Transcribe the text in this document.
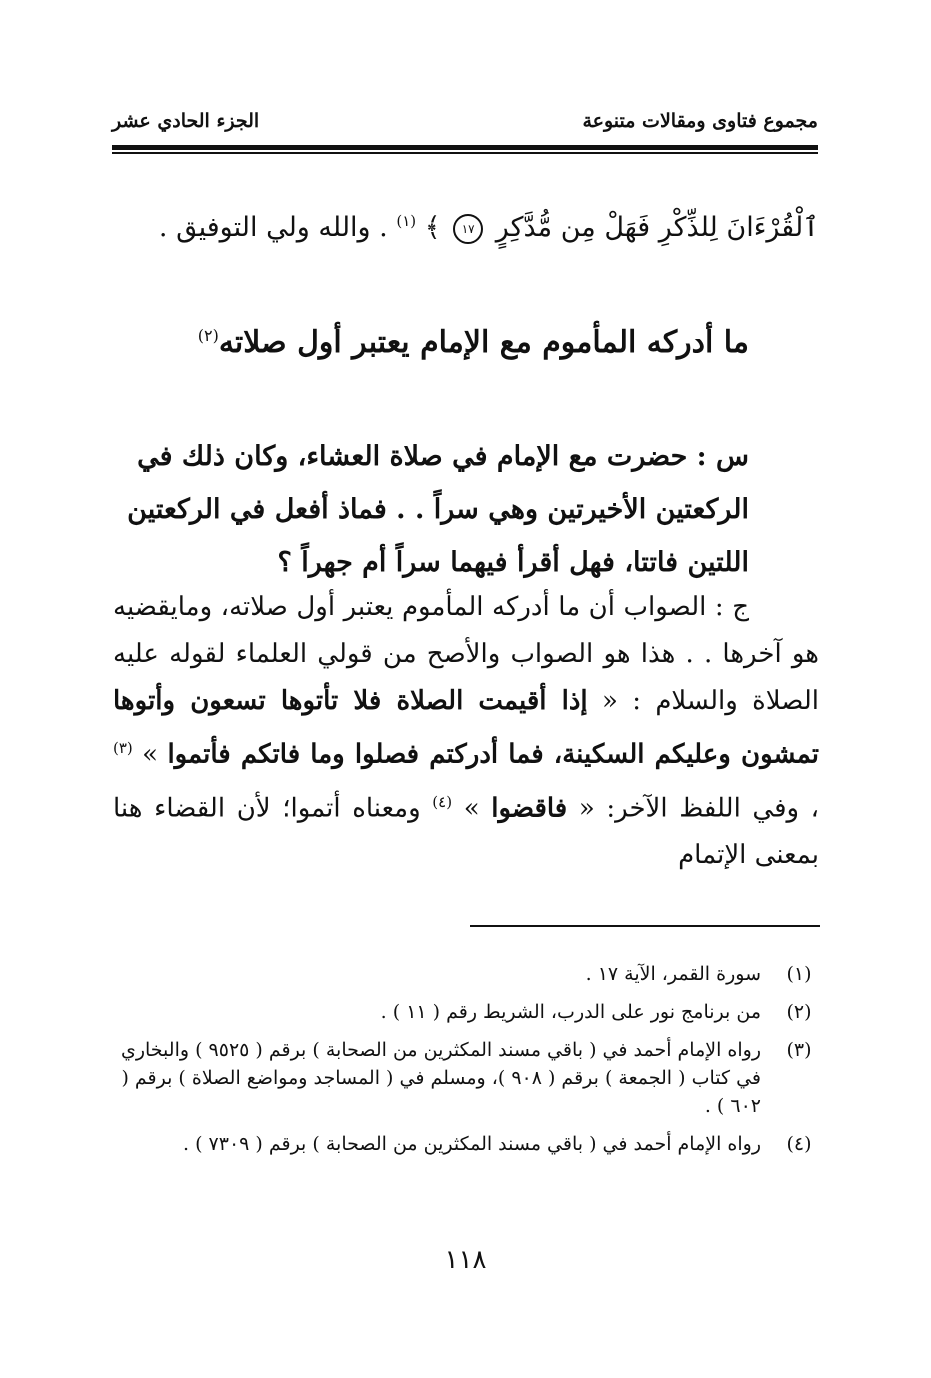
مجموع فتاوى ومقالات متنوعة
الجزء الحادي عشر
ٱلْقُرْءَانَ لِلذِّكْرِ فَهَلْ مِن مُّدَّكِرٍ ١٧ ﴾ $^{(١)}$ . والله ولي التوفيق .
ما أدركه المأموم مع الإمام يعتبر أول صلاته$^{(٢)}$
س : حضرت مع الإمام في صلاة العشاء، وكان ذلك في
الركعتين الأخيرتين وهي سراً . . فماذ أفعل في الركعتين
اللتين فاتتا، فهل أقرأ فيهما سراً أم جهراً ؟
ج : الصواب أن ما أدركه المأموم يعتبر أول صلاته، ومايقضيه هو آخرها . . هذا هو الصواب والأصح من قولي العلماء لقوله عليه الصلاة والسلام : « إذا أقيمت الصلاة فلا تأتوها تسعون وأتوها تمشون وعليكم السكينة، فما أدركتم فصلوا وما فاتكم فأتموا » $^{(٣)}$ ، وفي اللفظ الآخر: « فاقضوا » $^{(٤)}$ ومعناه أتموا؛ لأن القضاء هنا بمعنى الإتمام
(١)
سورة القمر، الآية ١٧ .
(٢)
من برنامج نور على الدرب، الشريط رقم ( ١١ ) .
(٣)
رواه الإمام أحمد في ( باقي مسند المكثرين من الصحابة ) برقم ( ٩٥٢٥ ) والبخاري في كتاب ( الجمعة ) برقم ( ٩٠٨ )، ومسلم في ( المساجد ومواضع الصلاة ) برقم ( ٦٠٢ ) .
(٤)
رواه الإمام أحمد في ( باقي مسند المكثرين من الصحابة ) برقم ( ٧٣٠٩ ) .
١١٨
